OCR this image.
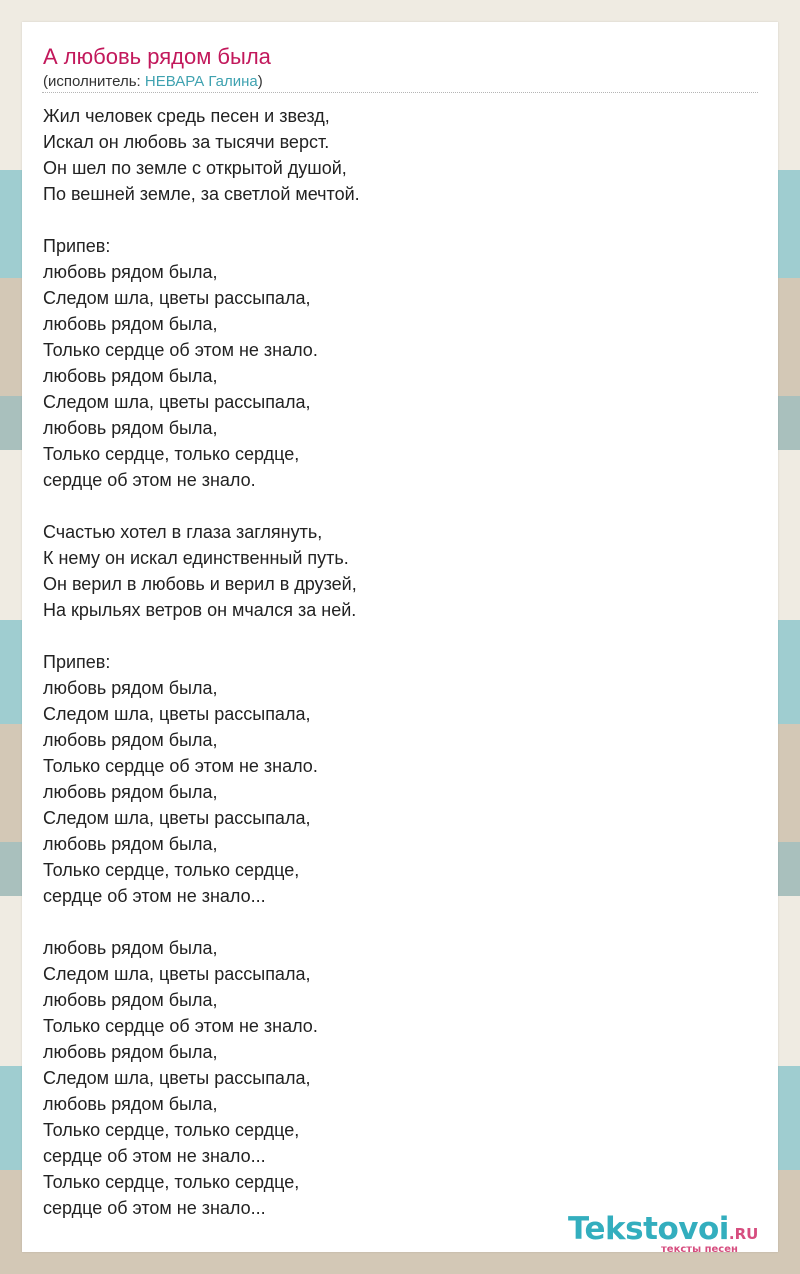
А любовь рядом была
(исполнитель: НЕВАРА Галина)
Жил человек средь песен и звезд,
Искал он любовь за тысячи верст.
Он шел по земле с открытой душой,
По вешней земле, за светлой мечтой.
Припев:
любовь рядом была,
Следом шла, цветы рассыпала,
любовь рядом была,
Только сердце об этом не знало.
любовь рядом была,
Следом шла, цветы рассыпала,
любовь рядом была,
Только сердце, только сердце,
сердце об этом не знало.
Счастью хотел в глаза заглянуть,
К нему он искал единственный путь.
Он верил в любовь и верил в друзей,
На крыльях ветров он мчался за ней.
Припев:
любовь рядом была,
Следом шла, цветы рассыпала,
любовь рядом была,
Только сердце об этом не знало.
любовь рядом была,
Следом шла, цветы рассыпала,
любовь рядом была,
Только сердце, только сердце,
сердце об этом не знало...
любовь рядом была,
Следом шла, цветы рассыпала,
любовь рядом была,
Только сердце об этом не знало.
любовь рядом была,
Следом шла, цветы рассыпала,
любовь рядом была,
Только сердце, только сердце,
сердце об этом не знало...
Только сердце, только сердце,
сердце об этом не знало...
Tekstovoi.RU
тексты песен
